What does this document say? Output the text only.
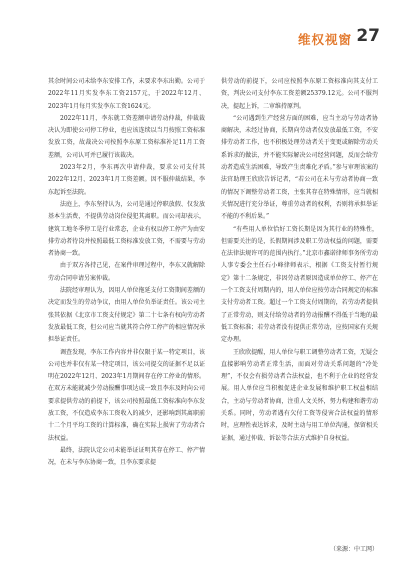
维权视窗 27

其余时间公司未给李东安排工作，未要求李东出勤。公司于2022年11月实发李东工资2157元，于2022年12月、2023年1月每月实发李东工资1624元。

2022年11月，李东就工资差额申请劳动仲裁，仲裁裁决认为即使公司停工停业，也应该连续以当月按照工资标准发放工资，故裁决公司按照李东原工资标准补足11月工资差额，公司认可并已履行该裁决。

2023年2月，李东再次申请仲裁，要求公司支付其2022年12月、2023年1月工资差额。因不服仲裁结果，李东起诉至法院。

法庭上，李东坚持认为，公司是通过停职放假、仅发放基本生活费，不提供劳动岗位侵犯其离职。而公司却表示，建筑工地冬季停工是行业常态，企业有权以停工停产为由安排劳动者待岗并按照最低工资标准发放工资，不需要与劳动者协商一致。

由于双方各持己见，在案件审理过程中，李东又就解除劳动合同申请另案仲裁。

法院经审理认为，因用人单位拖延支付工资期间差额的决定而发生的劳动争议，由用人单位负举证责任。该公司主张其依据《北京市工资支付规定》第二十七条有权向劳动者发放最低工资，但公司应当就其符合停工停产的相应情况承担举证责任。

调查发现，李东工作内容并非仅限于某一特定项目，该公司也并非仅有某一特定项目，该公司提交的证据不足以证明在2022年12月、2023年1月期间存在停工停业的情形。在双方未能就减少劳动报酬事项达成一致且李东及时向公司要求提供劳动的前提下，该公司按照最低工资标准向李东发放工资，不仅造成李东工资收入的减少，还影响到其离职前十二个月平均工资的计算标准，确在实际上损害了劳动者合法权益。

最终，法院认定公司未能举证证明其存在停工、停产情况，在未与李东协商一致，且李东要求提

供劳动的前提下，公司应按照李东原工资标准向其支付工资，判决公司支付李东工资差额25379.12元。公司不服判决，提起上诉，二审维持原判。

“公司遇到生产经营方面的困难，应当主动与劳动者协商解决，未经过协商，长期向劳动者仅发放最低工资，不安排劳动者工作，也不积极处理劳动者关于变更或解除劳动关系诉求的做法，并不能实际解决公司经营问题，反而会给劳动者造成生活困难，导致产生责难化矛盾。”参与审理该案的法官助理王欣欣告诉记者，“若公司在未与劳动者协商一致的情况下调整劳动者工资，主张其存在特殊情形，应当就相关情况进行充分举证，尊重劳动者的权利，否则将承担举证不能的不利后果。”

“有些用人单位恰好工资长期是因为其行业的特殊性，但需要关注的是，长假期间涉及职工劳动权益的问题，需要在法律法规许可的范围内执行。”北京市鑫诺律师事务所劳动人事专委会主任石小峰律师表示，根据《工资支付暂行规定》第十二条规定，非因劳动者原因造成单位停工、停产在一个工资支付周期内的，用人单位应按劳动合同规定的标准支付劳动者工资。超过一个工资支付周期的，若劳动者提供了正常劳动，则支付给劳动者的劳动报酬不得低于当地的最低工资标准；若劳动者没有提供正常劳动，应按国家有关规定办理。

王欣欣提醒，用人单位与职工调整劳动者工资，无疑会直接影响劳动者正常生活，而面对劳动关系问题的“冷处理”，不仅会有损劳动者合法权益，也不利于企业的经营发展。用人单位应当积极促进企业发展和维护职工权益相结合，主动与劳动者协商，注重人文关怀，努力构建和谐劳动关系。同时，劳动者遇有欠付工资等侵害合法权益的情形时，应理性表达诉求，及时主动与用工单位沟通，保留相关证据，通过仲裁、诉讼等合法方式维护自身权益。

（来源：中工网）
